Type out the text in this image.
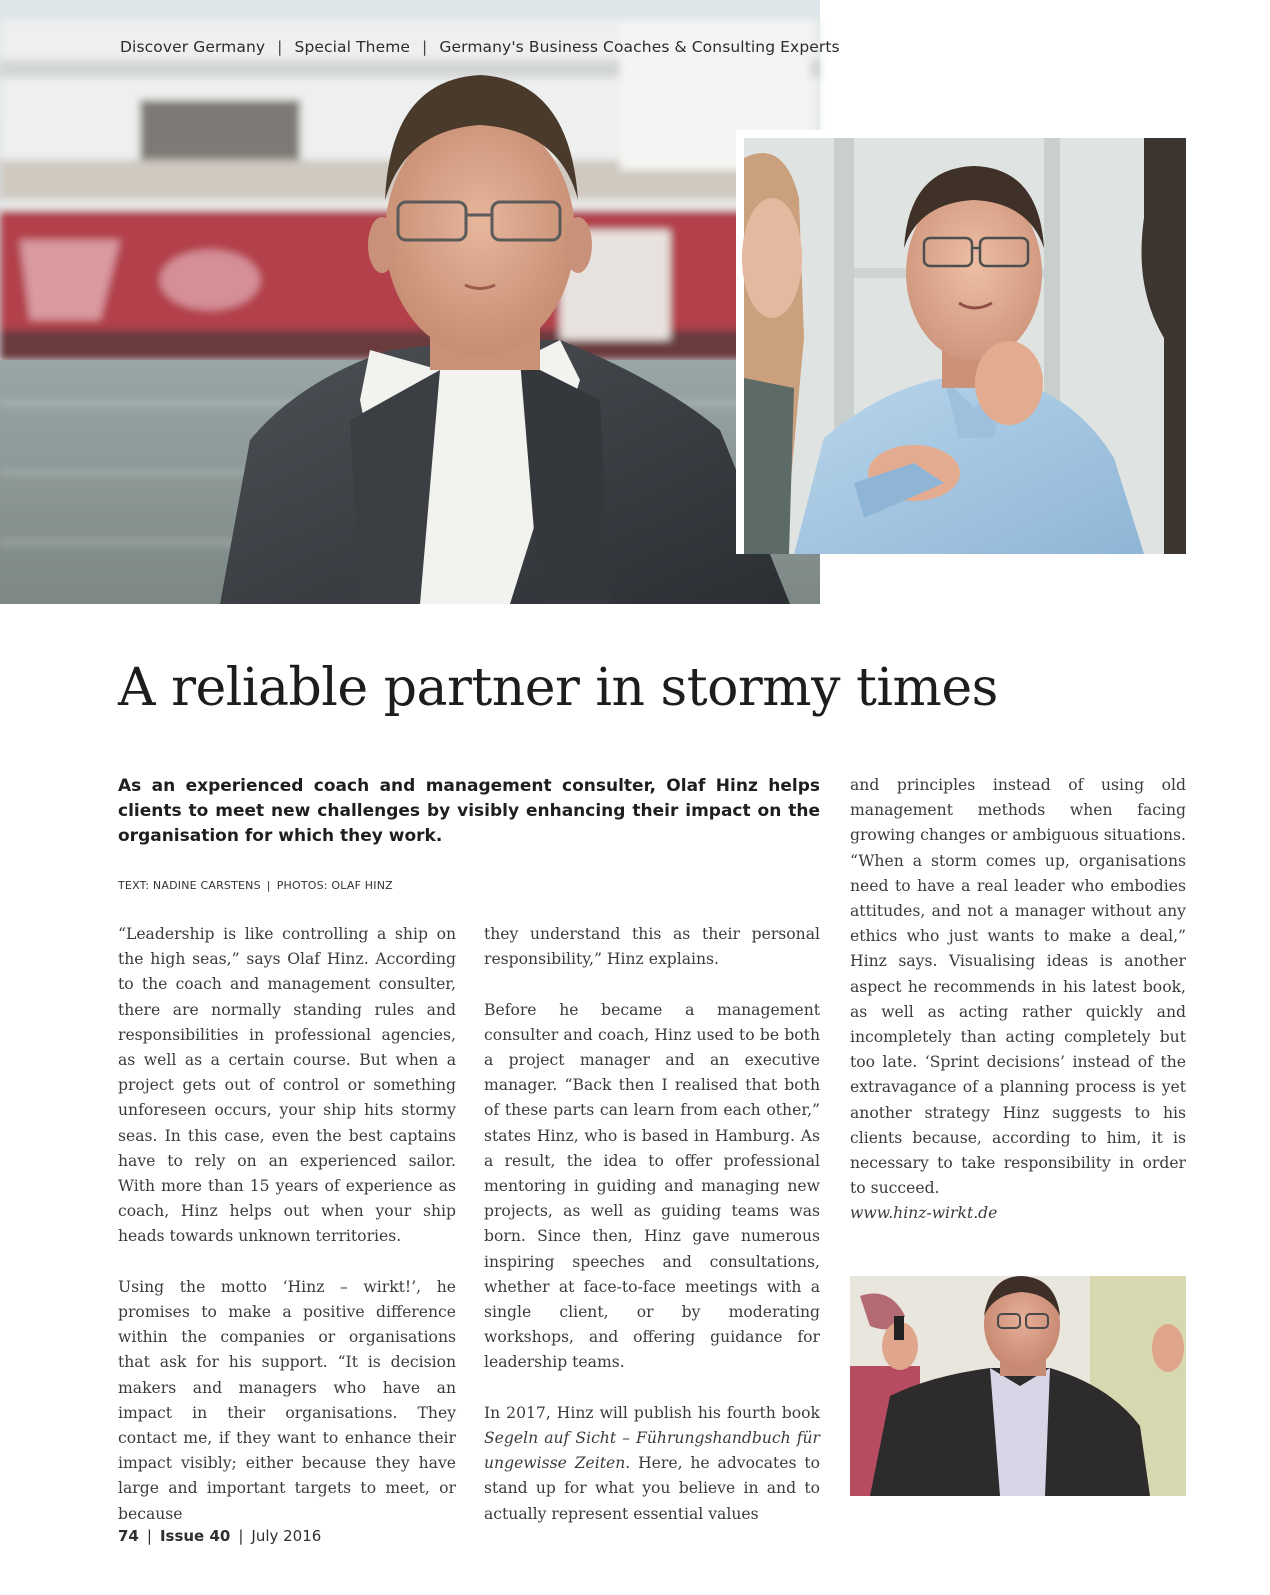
Discover Germany | Special Theme | Germany's Business Coaches & Consulting Experts
A reliable partner in stormy times

As an experienced coach and management consulter, Olaf Hinz helps clients to meet new challenges by visibly enhancing their impact on the organisation for which they work.

TEXT: NADINE CARSTENS | PHOTOS: OLAF HINZ

“Leadership is like controlling a ship on the high seas,” says Olaf Hinz. According to the coach and management consulter, there are normally standing rules and responsibilities in professional agencies, as well as a certain course. But when a project gets out of control or something unforeseen occurs, your ship hits stormy seas. In this case, even the best captains have to rely on an experienced sailor. With more than 15 years of experience as coach, Hinz helps out when your ship heads towards unknown territories.

Using the motto ‘Hinz – wirkt!’, he promises to make a positive difference within the companies or organisations that ask for his support. “It is decision makers and managers who have an impact in their organisations. They contact me, if they want to enhance their impact visibly; either because they have large and important targets to meet, or because

they understand this as their personal responsibility,” Hinz explains.

Before he became a management consulter and coach, Hinz used to be both a project manager and an executive manager. “Back then I realised that both of these parts can learn from each other,” states Hinz, who is based in Hamburg. As a result, the idea to offer professional mentoring in guiding and managing new projects, as well as guiding teams was born. Since then, Hinz gave numerous inspiring speeches and consultations, whether at face-to-face meetings with a single client, or by moderating workshops, and offering guidance for leadership teams.

In 2017, Hinz will publish his fourth book Segeln auf Sicht – Führungshandbuch für ungewisse Zeiten. Here, he advocates to stand up for what you believe in and to actually represent essential values

and principles instead of using old management methods when facing growing changes or ambiguous situations. “When a storm comes up, organisations need to have a real leader who embodies attitudes, and not a manager without any ethics who just wants to make a deal,” Hinz says. Visualising ideas is another aspect he recommends in his latest book, as well as acting rather quickly and incompletely than acting completely but too late. ‘Sprint decisions’ instead of the extravagance of a planning process is yet another strategy Hinz suggests to his clients because, according to him, it is necessary to take responsibility in order to succeed.

www.hinz-wirkt.de
74 | Issue 40 | July 2016
